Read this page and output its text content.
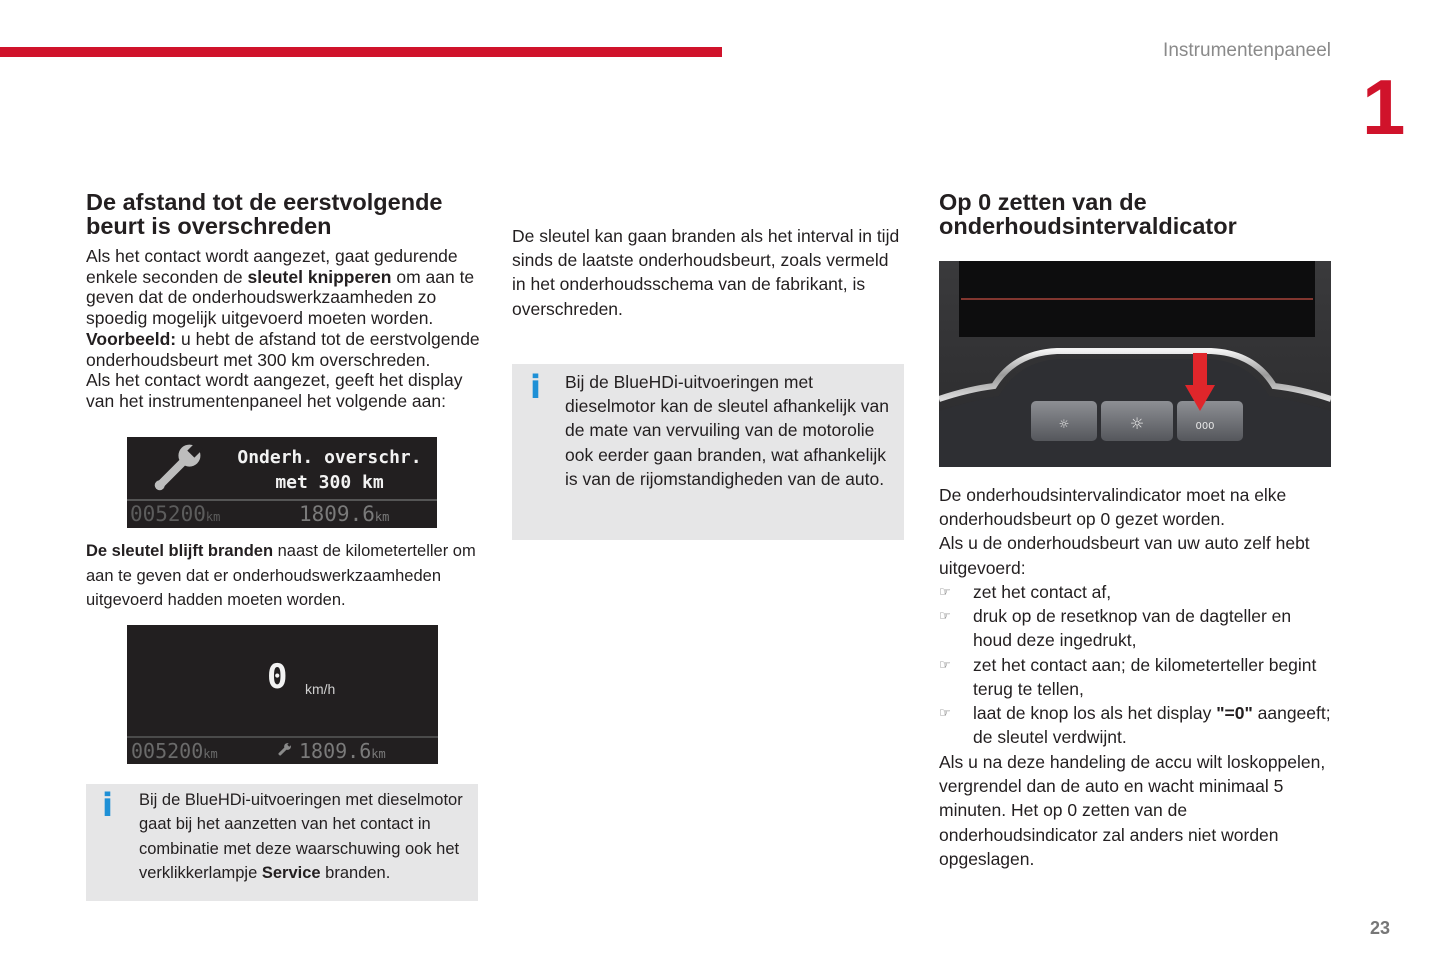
Instrumentenpaneel
1
De afstand tot de eerstvolgende beurt is overschreden
Als het contact wordt aangezet, gaat gedurende enkele seconden de sleutel knipperen om aan te geven dat de onderhoudswerkzaamheden zo spoedig mogelijk uitgevoerd moeten worden.
Voorbeeld: u hebt de afstand tot de eerstvolgende onderhoudsbeurt met 300 km overschreden.
Als het contact wordt aangezet, geeft het display van het instrumentenpaneel het volgende aan:
Onderh. overschr.
met 300 km
005200km	1809.6km
De sleutel blijft branden naast de kilometerteller om aan te geven dat er onderhoudswerkzaamheden uitgevoerd hadden moeten worden.
0 km/h
005200km	1809.6km
i Bij de BlueHDi-uitvoeringen met dieselmotor gaat bij het aanzetten van het contact in combinatie met deze waarschuwing ook het verklikkerlampje Service branden.
De sleutel kan gaan branden als het interval in tijd sinds de laatste onderhoudsbeurt, zoals vermeld in het onderhoudsschema van de fabrikant, is overschreden.
i Bij de BlueHDi-uitvoeringen met dieselmotor kan de sleutel afhankelijk van de mate van vervuiling van de motorolie ook eerder gaan branden, wat afhankelijk is van de rijomstandigheden van de auto.
Op 0 zetten van de onderhoudsintervaldicator
☼	☼	000
De onderhoudsintervalindicator moet na elke onderhoudsbeurt op 0 gezet worden.
Als u de onderhoudsbeurt van uw auto zelf hebt uitgevoerd:
☞ zet het contact af,
☞ druk op de resetknop van de dagteller en houd deze ingedrukt,
☞ zet het contact aan; de kilometerteller begint terug te tellen,
☞ laat de knop los als het display "=0" aangeeft; de sleutel verdwijnt.
Als u na deze handeling de accu wilt loskoppelen, vergrendel dan de auto en wacht minimaal 5 minuten. Het op 0 zetten van de onderhoudsindicator zal anders niet worden opgeslagen.
23
